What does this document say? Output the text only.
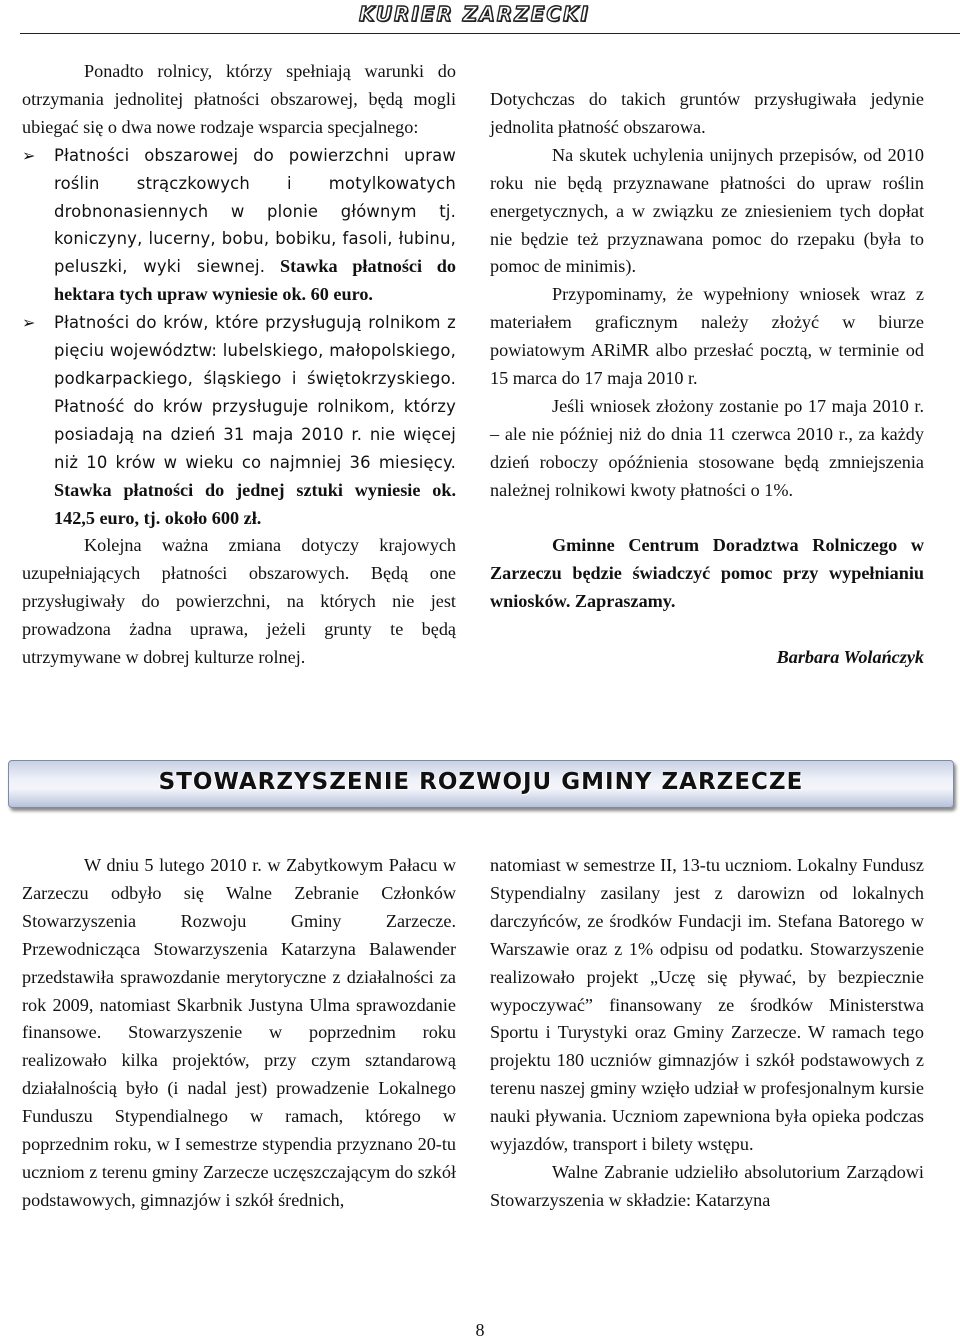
KURIER ZARZECKI

Ponadto rolnicy, którzy spełniają warunki do otrzymania jednolitej płatności obszarowej, będą mogli ubiegać się o dwa nowe rodzaje wsparcia specjalnego:

➢ Płatności obszarowej do powierzchni upraw roślin strączkowych i motylkowatych drobnonasiennych w plonie głównym tj. koniczyny, lucerny, bobu, bobiku, fasoli, łubinu, peluszki, wyki siewnej. Stawka płatności do hektara tych upraw wyniesie ok. 60 euro.
➢ Płatności do krów, które przysługują rolnikom z pięciu województw: lubelskiego, małopolskiego, podkarpackiego, śląskiego i świętokrzyskiego. Płatność do krów przysługuje rolnikom, którzy posiadają na dzień 31 maja 2010 r. nie więcej niż 10 krów w wieku co najmniej 36 miesięcy. Stawka płatności do jednej sztuki wyniesie ok. 142,5 euro, tj. około 600 zł.

Kolejna ważna zmiana dotyczy krajowych uzupełniających płatności obszarowych. Będą one przysługiwały do powierzchni, na których nie jest prowadzona żadna uprawa, jeżeli grunty te będą utrzymywane w dobrej kulturze rolnej.

Dotychczas do takich gruntów przysługiwała jedynie jednolita płatność obszarowa.

Na skutek uchylenia unijnych przepisów, od 2010 roku nie będą przyznawane płatności do upraw roślin energetycznych, a w związku ze zniesieniem tych dopłat nie będzie też przyznawana pomoc do rzepaku (była to pomoc de minimis).

Przypominamy, że wypełniony wniosek wraz z materiałem graficznym należy złożyć w biurze powiatowym ARiMR albo przesłać pocztą, w terminie od 15 marca do 17 maja 2010 r.

Jeśli wniosek złożony zostanie po 17 maja 2010 r. – ale nie później niż do dnia 11 czerwca 2010 r., za każdy dzień roboczy opóźnienia stosowane będą zmniejszenia należnej rolnikowi kwoty płatności o 1%.

Gminne Centrum Doradztwa Rolniczego w Zarzeczu będzie świadczyć pomoc przy wypełnianiu wniosków. Zapraszamy.

Barbara Wolańczyk

STOWARZYSZENIE ROZWOJU GMINY ZARZECZE

W dniu 5 lutego 2010 r. w Zabytkowym Pałacu w Zarzeczu odbyło się Walne Zebranie Członków Stowarzyszenia Rozwoju Gminy Zarzecze. Przewodnicząca Stowarzyszenia Katarzyna Balawender przedstawiła sprawozdanie merytoryczne z działalności za rok 2009, natomiast Skarbnik Justyna Ulma sprawozdanie finansowe. Stowarzyszenie w poprzednim roku realizowało kilka projektów, przy czym sztandarową działalnością było (i nadal jest) prowadzenie Lokalnego Funduszu Stypendialnego w ramach, którego w poprzednim roku, w I semestrze stypendia przyznano 20-tu uczniom z terenu gminy Zarzecze uczęszczającym do szkół podstawowych, gimnazjów i szkół średnich,

natomiast w semestrze II, 13-tu uczniom. Lokalny Fundusz Stypendialny zasilany jest z darowizn od lokalnych darczyńców, ze środków Fundacji im. Stefana Batorego w Warszawie oraz z 1% odpisu od podatku. Stowarzyszenie realizowało projekt „Uczę się pływać, by bezpiecznie wypoczywać” finansowany ze środków Ministerstwa Sportu i Turystyki oraz Gminy Zarzecze. W ramach tego projektu 180 uczniów gimnazjów i szkół podstawowych z terenu naszej gminy wzięło udział w profesjonalnym kursie nauki pływania. Uczniom zapewniona była opieka podczas wyjazdów, transport i bilety wstępu.

Walne Zabranie udzieliło absolutorium Zarządowi Stowarzyszenia w składzie: Katarzyna

8
